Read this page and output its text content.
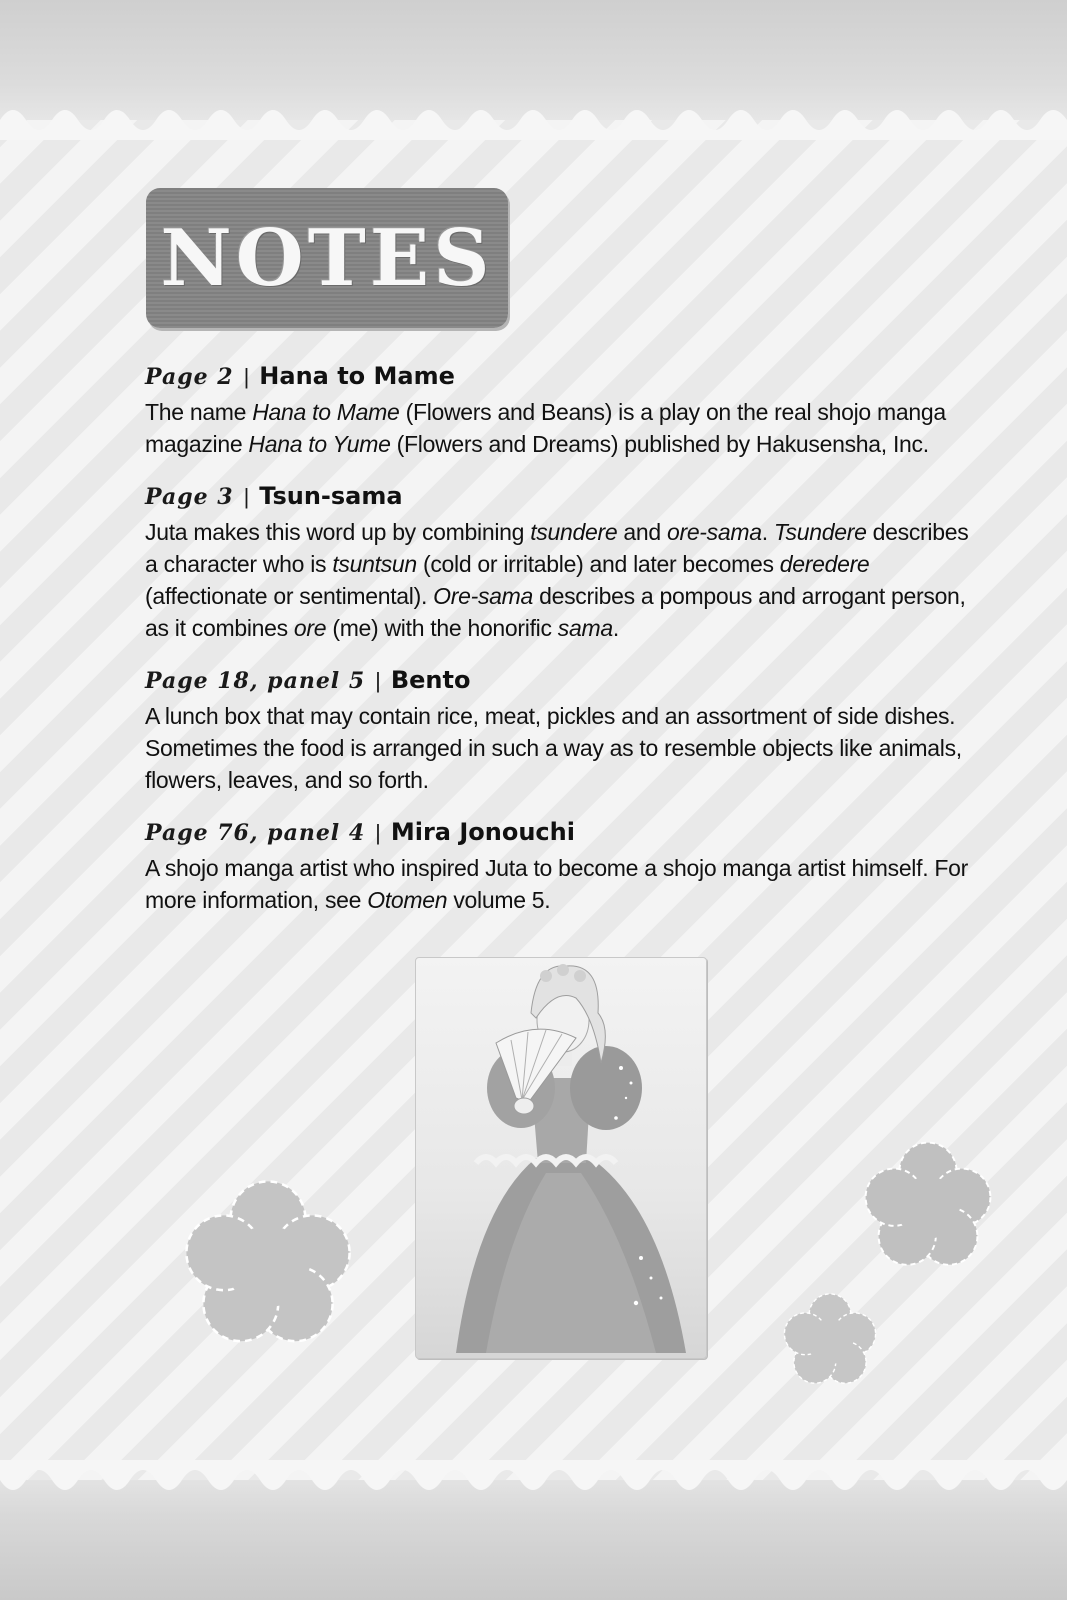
NOTES
Page 2 | Hana to Mame
The name Hana to Mame (Flowers and Beans) is a play on the real shojo manga magazine Hana to Yume (Flowers and Dreams) published by Hakusensha, Inc.
Page 3 | Tsun-sama
Juta makes this word up by combining tsundere and ore-sama. Tsundere describes a character who is tsuntsun (cold or irritable) and later becomes deredere (affectionate or sentimental). Ore-sama describes a pompous and arrogant person, as it combines ore (me) with the honorific sama.
Page 18, panel 5 | Bento
A lunch box that may contain rice, meat, pickles and an assortment of side dishes. Sometimes the food is arranged in such a way as to resemble objects like animals, flowers, leaves, and so forth.
Page 76, panel 4 | Mira Jonouchi
A shojo manga artist who inspired Juta to become a shojo manga artist himself. For more information, see Otomen volume 5.
